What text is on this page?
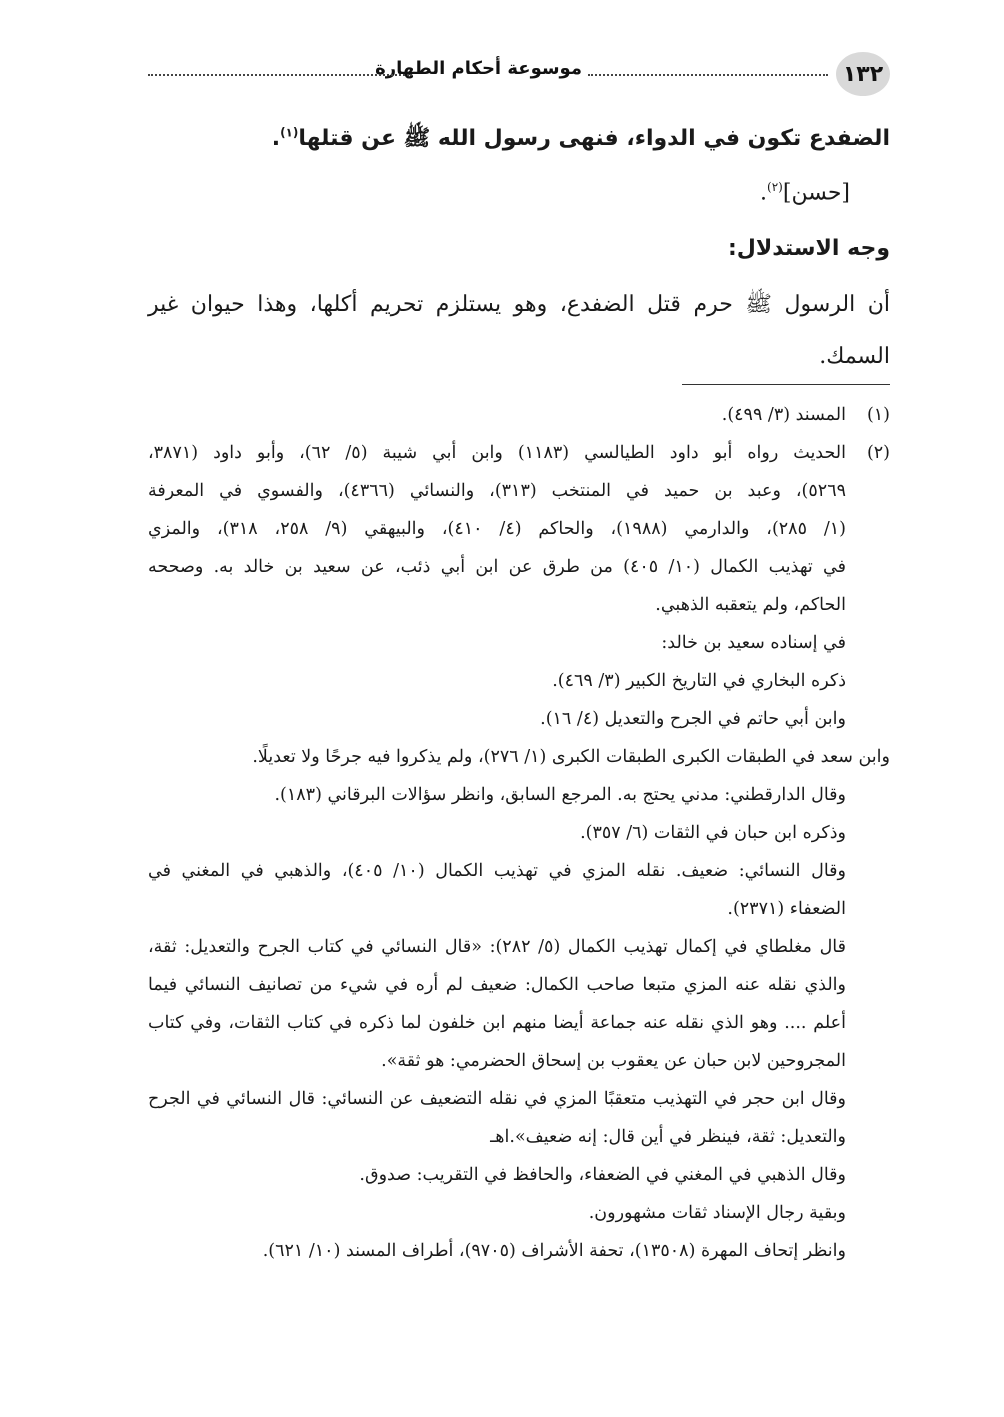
١٣٢
موسوعة أحكام الطهارة
الضفدع تكون في الدواء، فنهى رسول الله ﷺ عن قتلها$^{(١)}$.
[حسن]$^{(٢)}$.
وجه الاستدلال:
أن الرسول ﷺ حرم قتل الضفدع، وهو يستلزم تحريم أكلها، وهذا حيوان غير
السمك.
(١)
المسند (٣/ ٤٩٩).
(٢)
الحديث رواه أبو داود الطيالسي (١١٨٣) وابن أبي شيبة (٥/ ٦٢)، وأبو داود (٣٨٧١،
٥٢٦٩)، وعبد بن حميد في المنتخب (٣١٣)، والنسائي (٤٣٦٦)، والفسوي في المعرفة
(١/ ٢٨٥)، والدارمي (١٩٨٨)، والحاكم (٤/ ٤١٠)، والبيهقي (٩/ ٢٥٨، ٣١٨)، والمزي
في تهذيب الكمال (١٠/ ٤٠٥) من طرق عن ابن أبي ذئب، عن سعيد بن خالد به. وصححه
الحاكم، ولم يتعقبه الذهبي.
في إسناده سعيد بن خالد:
ذكره البخاري في التاريخ الكبير (٣/ ٤٦٩).
وابن أبي حاتم في الجرح والتعديل (٤/ ١٦).
وابن سعد في الطبقات الكبرى الطبقات الكبرى (١/ ٢٧٦)، ولم يذكروا فيه جرحًا ولا تعديلًا.
وقال الدارقطني: مدني يحتج به. المرجع السابق، وانظر سؤالات البرقاني (١٨٣).
وذكره ابن حبان في الثقات (٦/ ٣٥٧).
وقال النسائي: ضعيف. نقله المزي في تهذيب الكمال (١٠/ ٤٠٥)، والذهبي في المغني في
الضعفاء (٢٣٧١).
قال مغلطاي في إكمال تهذيب الكمال (٥/ ٢٨٢): «قال النسائي في كتاب الجرح والتعديل: ثقة،
والذي نقله عنه المزي متبعا صاحب الكمال: ضعيف لم أره في شيء من تصانيف النسائي فيما
أعلم .... وهو الذي نقله عنه جماعة أيضا منهم ابن خلفون لما ذكره في كتاب الثقات، وفي كتاب
المجروحين لابن حبان عن يعقوب بن إسحاق الحضرمي: هو ثقة».
وقال ابن حجر في التهذيب متعقبًا المزي في نقله التضعيف عن النسائي: قال النسائي في الجرح
والتعديل: ثقة، فينظر في أين قال: إنه ضعيف».اهـ
وقال الذهبي في المغني في الضعفاء، والحافظ في التقريب: صدوق.
وبقية رجال الإسناد ثقات مشهورون.
وانظر إتحاف المهرة (١٣٥٠٨)، تحفة الأشراف (٩٧٠٥)، أطراف المسند (١٠/ ٦٢١).
